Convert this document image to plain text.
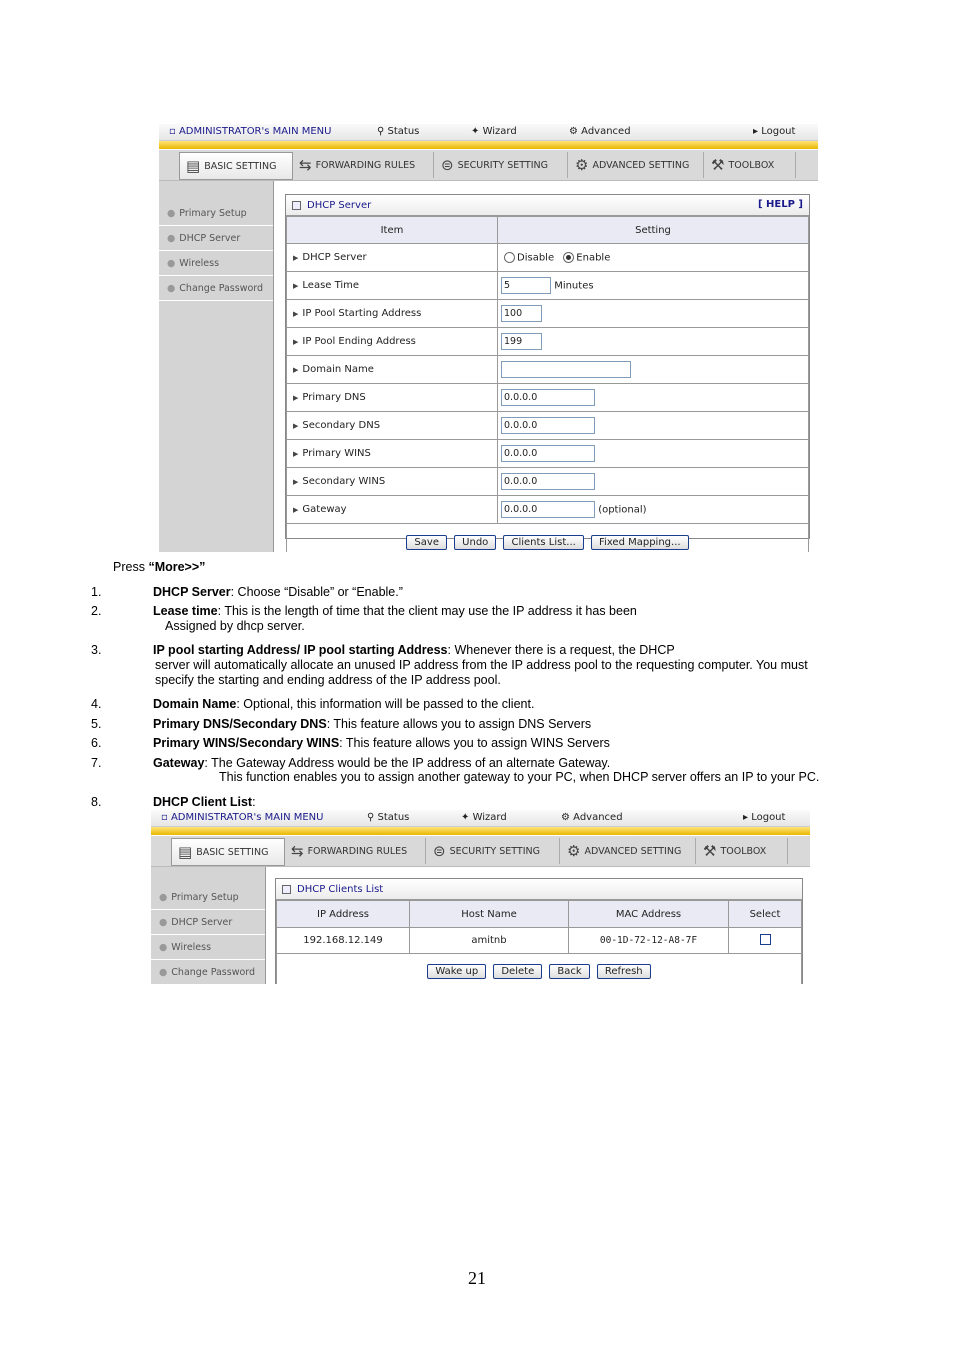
▫ ADMINISTRATOR's MAIN MENU	⚲ Status	✦ Wizard	⚙ Advanced	▸ Logout
▤ BASIC SETTING ⇆ FORWARDING RULES ⊜ SECURITY SETTING ⚙ ADVANCED SETTING ⚒ TOOLBOX
● Primary Setup
● DHCP Server
● Wireless
● Change Password
DHCP Server	[ HELP ]
Item	Setting
▶ DHCP Server	Disable Enable
▶ Lease Time	5 Minutes
▶ IP Pool Starting Address	100
▶ IP Pool Ending Address	199
▶ Domain Name	
▶ Primary DNS	0.0.0.0
▶ Secondary DNS	0.0.0.0
▶ Primary WINS	0.0.0.0
▶ Secondary WINS	0.0.0.0
▶ Gateway	0.0.0.0 (optional)
Save Undo Clients List... Fixed Mapping...	
Press “More>>”
1.	DHCP Server: Choose “Disable” or “Enable.”
2.	Lease time: This is the length of time that the client may use the IP address it has been
Assigned by dhcp server.
3.	IP pool starting Address/ IP pool starting Address: Whenever there is a request, the DHCP
server will automatically allocate an unused IP address from the IP address pool to the requesting computer. You must
specify the starting and ending address of the IP address pool.
4.	Domain Name: Optional, this information will be passed to the client.
5.	Primary DNS/Secondary DNS: This feature allows you to assign DNS Servers
6.	Primary WINS/Secondary WINS: This feature allows you to assign WINS Servers
7.	Gateway: The Gateway Address would be the IP address of an alternate Gateway.
This function enables you to assign another gateway to your PC, when DHCP server offers an IP to your PC.
8.	DHCP Client List:
▫ ADMINISTRATOR's MAIN MENU	⚲ Status	✦ Wizard	⚙ Advanced	▸ Logout
▤ BASIC SETTING ⇆ FORWARDING RULES ⊜ SECURITY SETTING ⚙ ADVANCED SETTING ⚒ TOOLBOX
● Primary Setup
● DHCP Server
● Wireless
● Change Password
DHCP Clients List
IP Address	Host Name	MAC Address	Select
192.168.12.149	amitnb	00-1D-72-12-A8-7F	
Wake up Delete Back Refresh			
21
